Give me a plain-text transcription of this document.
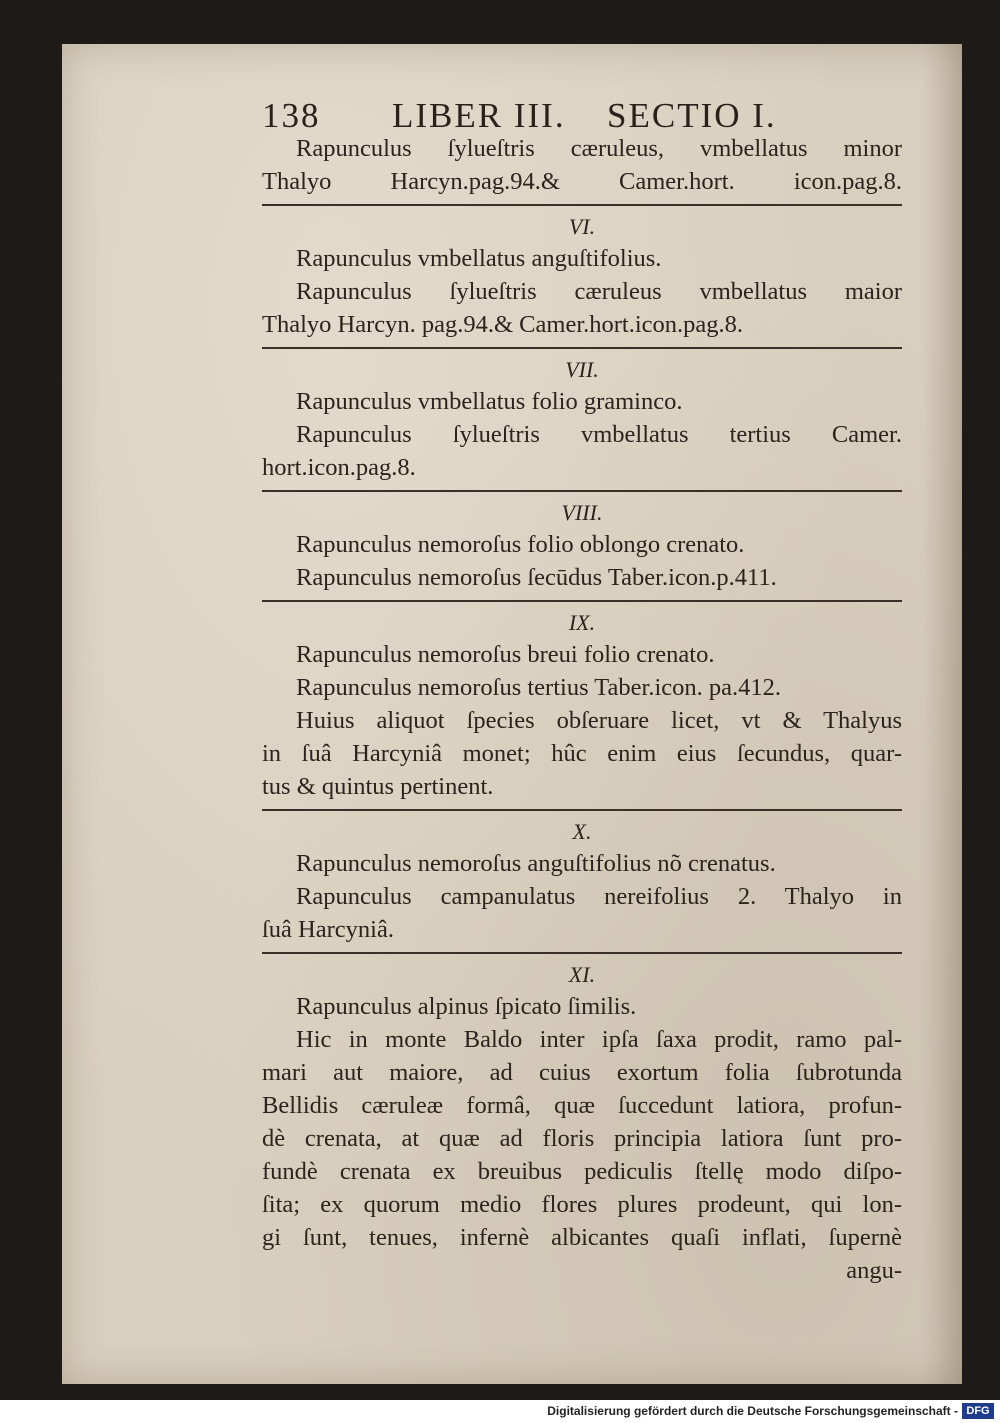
138 LIBER III. SECTIO I.
Rapunculus ſylueſtris cæruleus, vmbellatus minor
Thalyo Harcyn.pag.94.& Camer.hort. icon.pag.8.
VI.
Rapunculus vmbellatus anguſtifolius.
Rapunculus ſylueſtris cæruleus vmbellatus maior
Thalyo Harcyn. pag.94.& Camer.hort.icon.pag.8.
VII.
Rapunculus vmbellatus folio graminco.
Rapunculus ſylueſtris vmbellatus tertius Camer.
hort.icon.pag.8.
VIII.
Rapunculus nemoroſus folio oblongo crenato.
Rapunculus nemoroſus ſecūdus Taber.icon.p.411.
IX.
Rapunculus nemoroſus breui folio crenato.
Rapunculus nemoroſus tertius Taber.icon. pa.412.
Huius aliquot ſpecies obſeruare licet, vt & Thalyus
in ſuâ Harcyniâ monet; hûc enim eius ſecundus, quar-
tus & quintus pertinent.
X.
Rapunculus nemoroſus anguſtifolius nõ crenatus.
Rapunculus campanulatus nereifolius 2. Thalyo in
ſuâ Harcyniâ.
XI.
Rapunculus alpinus ſpicato ſimilis.
Hic in monte Baldo inter ipſa ſaxa prodit, ramo pal-
mari aut maiore, ad cuius exortum folia ſubrotunda
Bellidis cæruleæ formâ, quæ ſuccedunt latiora, profun-
dè crenata, at quæ ad floris principia latiora ſunt pro-
fundè crenata ex breuibus pediculis ſtellę modo diſpo-
ſita; ex quorum medio flores plures prodeunt, qui lon-
gi ſunt, tenues, infernè albicantes quaſi inflati, ſupernè
angu-
Digitalisierung gefördert durch die Deutsche Forschungsgemeinschaft - DFG
